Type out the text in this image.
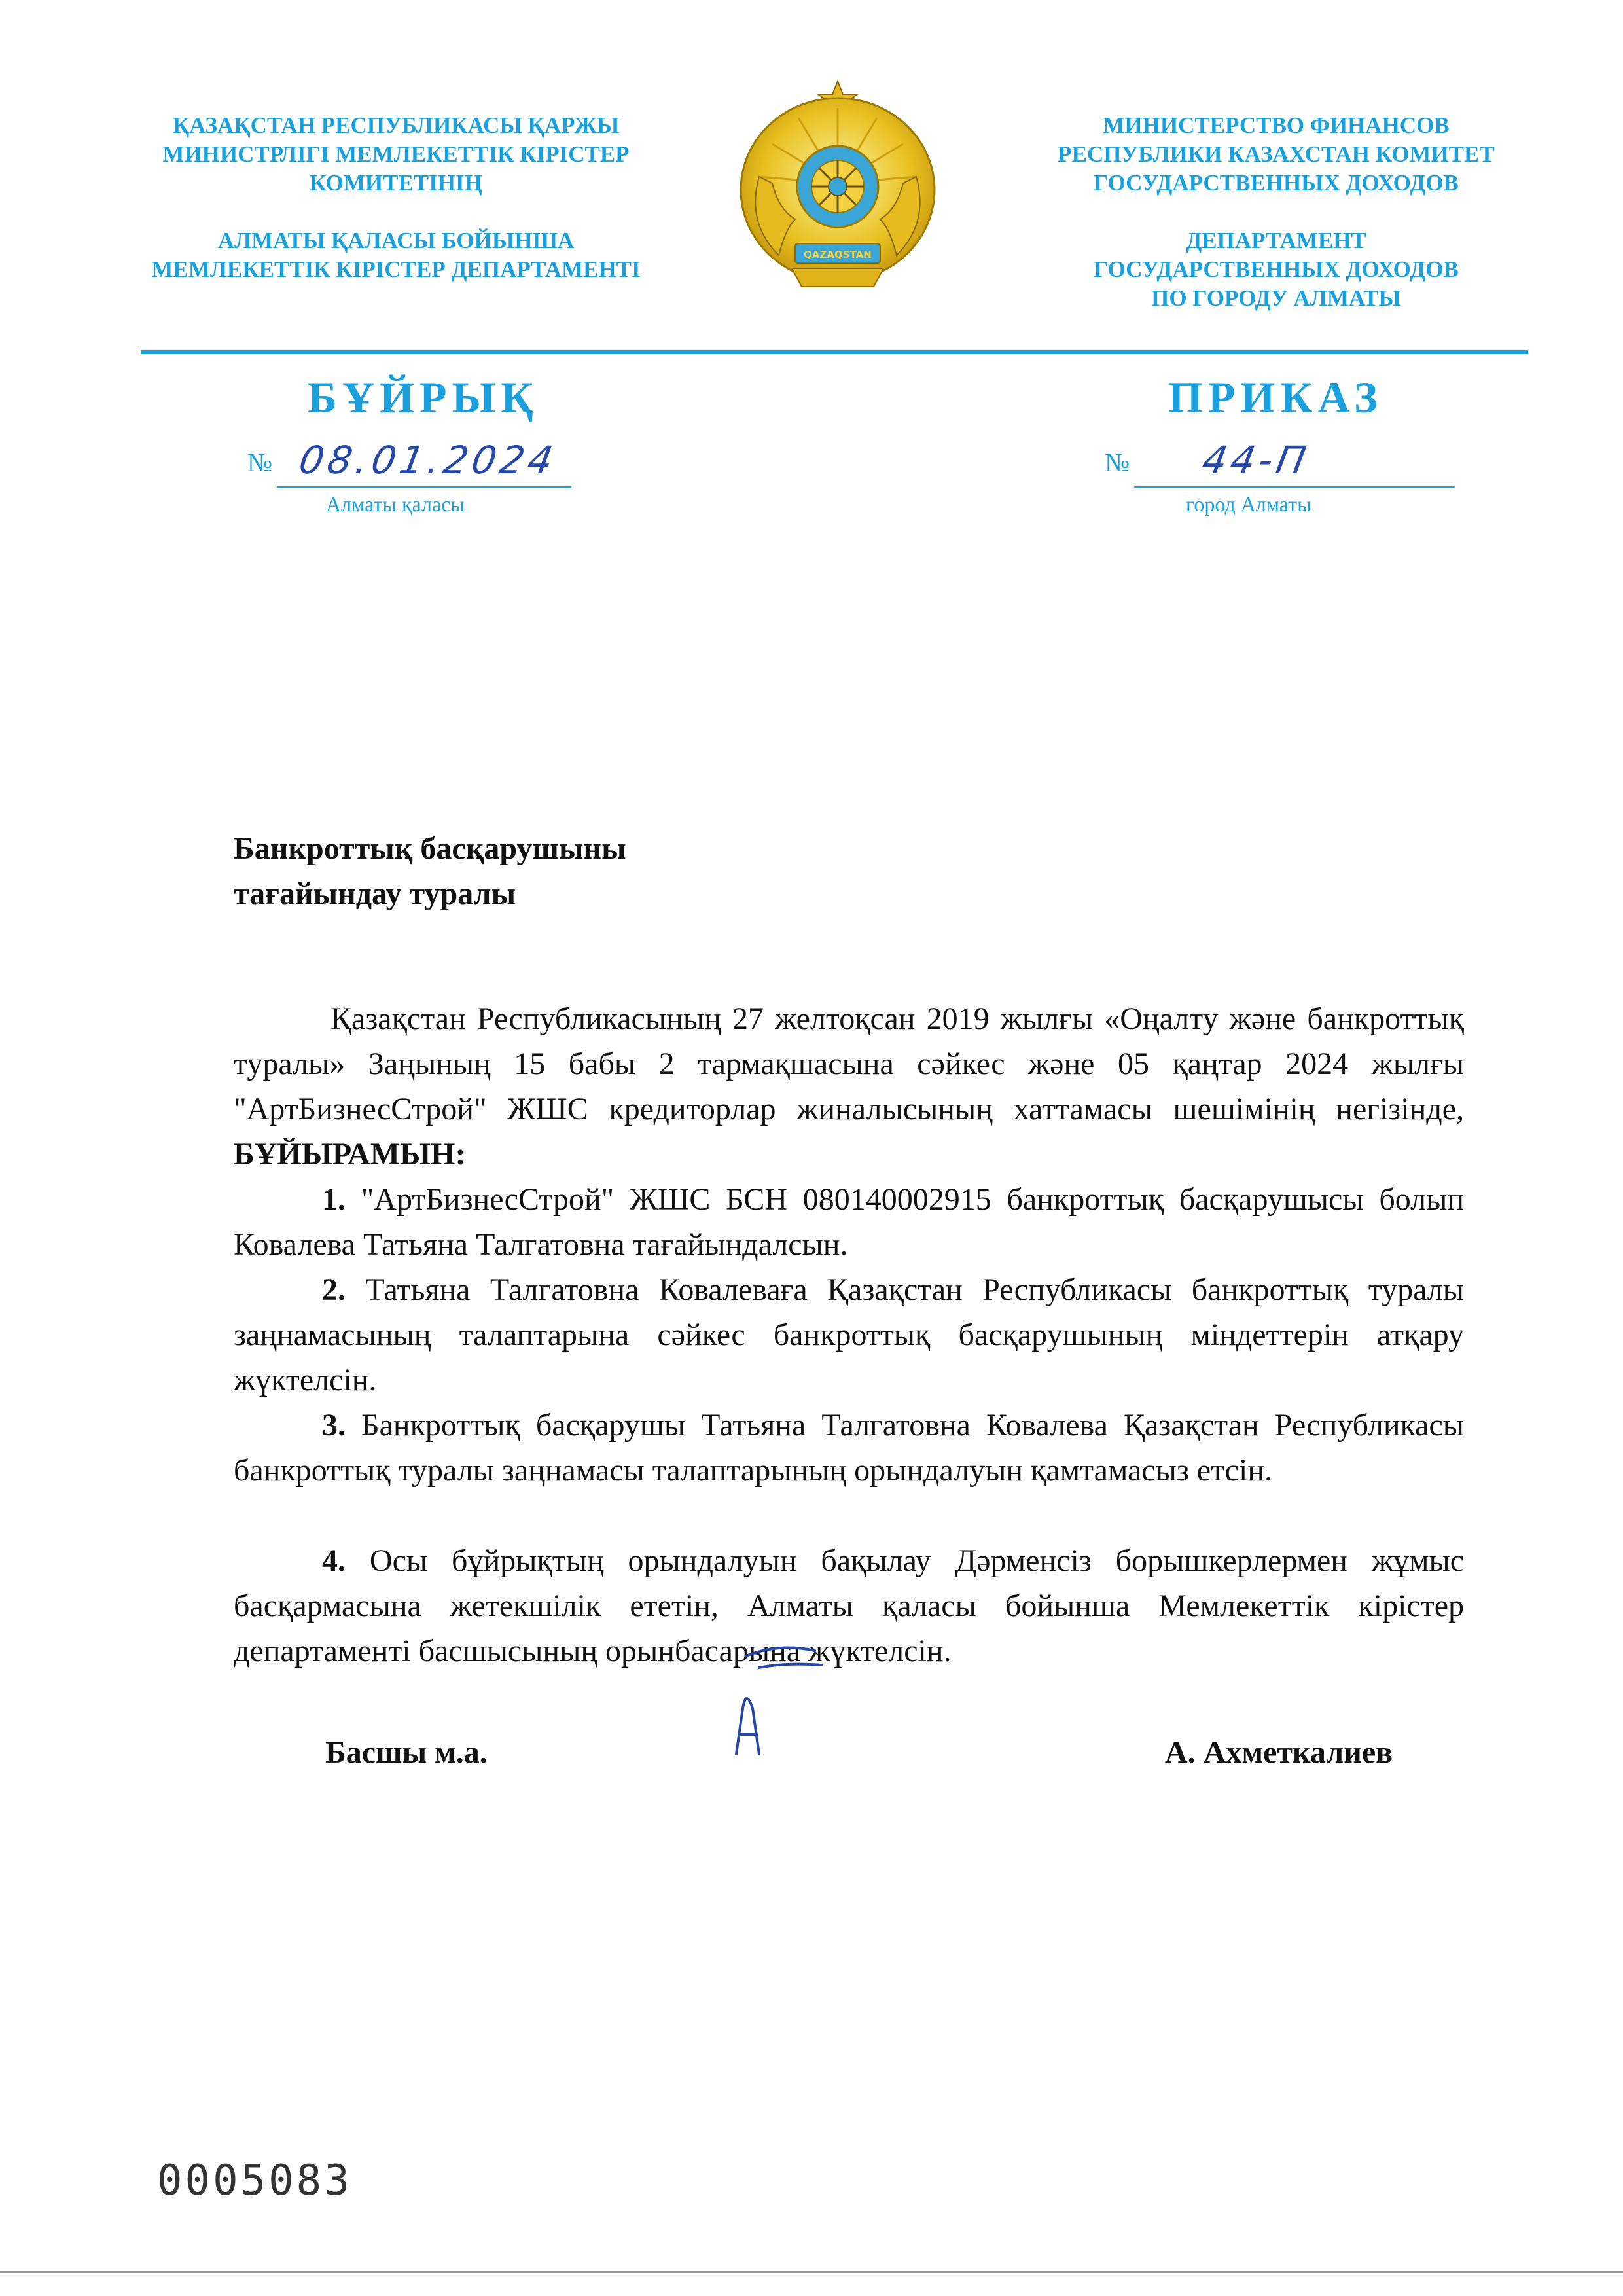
ҚАЗАҚСТАН РЕСПУБЛИКАСЫ ҚАРЖЫ
МИНИСТРЛІГІ МЕМЛЕКЕТТІК КІРІСТЕР
КОМИТЕТІНІҢ
АЛМАТЫ ҚАЛАСЫ БОЙЫНША
МЕМЛЕКЕТТІК КІРІСТЕР ДЕПАРТАМЕНТІ
QAZAQSTAN
МИНИСТЕРСТВО ФИНАНСОВ
РЕСПУБЛИКИ КАЗАХСТАН КОМИТЕТ
ГОСУДАРСТВЕННЫХ ДОХОДОВ
ДЕПАРТАМЕНТ
ГОСУДАРСТВЕННЫХ ДОХОДОВ
ПО ГОРОДУ АЛМАТЫ
БҰЙРЫҚ	ПРИКАЗ
№ 08.01.2024	№ 44-П
Алматы қаласы	город Алматы
Банкроттық басқарушыны
тағайындау туралы
Қазақстан Республикасының 27 желтоқсан 2019 жылғы «Оңалту және банкроттық туралы» Заңының 15 бабы 2 тармақшасына сәйкес және 05 қаңтар 2024 жылғы "АртБизнесСтрой" ЖШС кредиторлар жиналысының хаттамасы шешімінің негізінде, БҰЙЫРАМЫН:
1. "АртБизнесСтрой" ЖШС БСН 080140002915 банкроттық басқарушысы болып Ковалева Татьяна Талгатовна тағайындалсын.
2. Татьяна Талгатовна Ковалеваға Қазақстан Республикасы банкроттық туралы заңнамасының талаптарына сәйкес банкроттық басқарушының міндеттерін атқару жүктелсін.
3. Банкроттық басқарушы Татьяна Талгатовна Ковалева Қазақстан Республикасы банкроттық туралы заңнамасы талаптарының орындалуын қамтамасыз етсін.
4. Осы бұйрықтың орындалуын бақылау Дәрменсіз борышкерлермен жұмыс басқармасына жетекшілік ететін, Алматы қаласы бойынша Мемлекеттік кірістер департаменті басшысының орынбасарына жүктелсін.
Басшы м.а.	А. Ахметкалиев
0005083
